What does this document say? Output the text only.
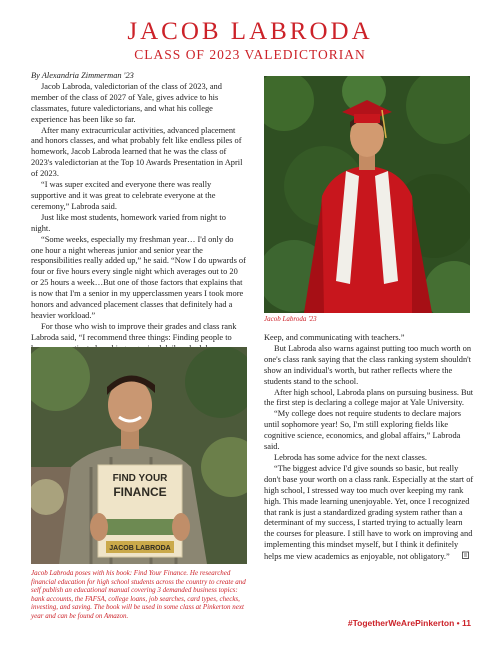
JACOB LABRODA
CLASS OF 2023 VALEDICTORIAN

By Alexandria Zimmerman '23

Jacob Labroda, valedictorian of the class of 2023, and member of the class of 2027 of Yale, gives advice to his classmates, future valedictorians, and what his college experience has been like so far.

After many extracurricular activities, advanced placement and honors classes, and what probably felt like endless piles of homework, Jacob Labroda learned that he was the class of 2023's valedictorian at the Top 10 Awards Presentation in April of 2023.

“I was super excited and everyone there was really supportive and it was great to celebrate everyone at the ceremony,” Labroda said.

Just like most students, homework varied from night to night.

“Some weeks, especially my freshman year… I'd only do one hour a night whereas junior and senior year the responsibilities really added up,” he said. “Now I do upwards of four or five hours every single night which averages out to 20 or 25 hours a week…But one of those factors that explains that is now that I'm a senior in my upperclassmen years I took more honors and advanced placement classes that definitely had a heavier workload.”

For those who wish to improve their grades and class rank Labroda said, “I recommend three things: Finding people to

Jacob Labroda '23
FIND YOUR
FINANCE
JACOB LABRODA
Jacob Labroda poses with his book: Find Your Finance. He researched financial education for high school students across the country to create and self publish an educational manual covering 3 demanded business topics: bank accounts, the FAFSA, college loans, job searches, card types, checks, investing, and saving. The book will be used in some class at Pinkerton next year and can be found on Amazon.

Keep, and communicating with teachers.”

But Labroda also warns against putting too much worth on one's class rank saying that the class ranking system shouldn't show an individual's worth, but rather reflects where the students stand to the school.

After high school, Labroda plans on pursuing business. But the first step is declaring a college major at Yale University.

“My college does not require students to declare majors until sophomore year! So, I'm still exploring fields like cognitive science, economics, and global affairs,” Labroda said.

Lebroda has some advice for the next classes.

“The biggest advice I'd give sounds so basic, but really don't base your worth on a class rank. Especially at the start of high school, I stressed way too much over keeping my rank high. This made learning unenjoyable. Yet, once I recognized that rank is just a standardized grading system rather than a determinant of my success, I started trying to actually learn the courses for pleasure. I still have to work on improving and implementing this mindset myself, but I think it definitely helps me view academics as enjoyable, not obligatory.”

#TogetherWeArePinkerton • 11
